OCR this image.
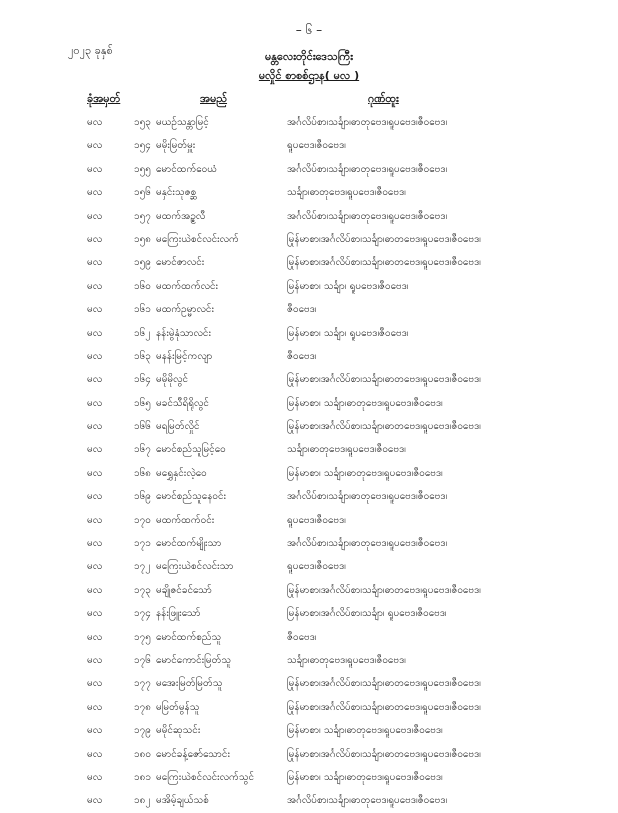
– ၆ –
၂၀၂၃ ခုနှစ်	မန္တလေးတိုင်းဒေသကြီး
မလှိုင် စာစစ်ဌာန( မလ )
ခုံအမှတ်	အမည်	ဂုဏ်ထူး
မလ	၁၅၃ မယဉ်သန္တာမြင့်	အင်္ဂလိပ်စာ၊သင်္ချာ၊ဓာတုဗေဒ၊ရူပဗေဒ၊ဇီဝဗေဒ၊
မလ	၁၅၄ မမိုးမြတ်မှူး	ရူပဗေဒ၊ဇီဝဗေဒ၊
မလ	၁၅၅ မောင်ထက်ဝေယံ	အင်္ဂလိပ်စာ၊သင်္ချာ၊ဓာတုဗေဒ၊ရူပဗေဒ၊ဇီဝဗေဒ၊
မလ	၁၅၆ မနှင်းသုဇစ္ဆ	သင်္ချာ၊ဓာတုဗေဒ၊ရူပဗေဒ၊ဇီဝဗေဒ၊
မလ	၁၅၇ မထက်အဥ္စလီ	အင်္ဂလိပ်စာ၊သင်္ချာ၊ဓာတုဗေဒ၊ရူပဗေဒ၊ဇီဝဗေဒ၊
မလ	၁၅၈ မကြေးယဲစင်လင်းလက်	မြန်မာစာ၊အင်္ဂလိပ်စာ၊သင်္ချာ၊ဓာတုဗေဒ၊ရူပဗေဒ၊ဇီဝဗေဒ၊
မလ	၁၅၉ မောင်ဇာလင်း	မြန်မာစာ၊အင်္ဂလိပ်စာ၊သင်္ချာ၊ဓာတုဗေဒ၊ရူပဗေဒ၊ဇီဝဗေဒ၊
မလ	၁၆၀ မထက်ထက်လင်း	မြန်မာစာ၊ သင်္ချာ၊ ရူပဗေဒ၊ဇီဝဗေဒ၊
မလ	၁၆၁ မထက်ဥမ္မာလင်း	ဇီဝဗေဒ၊
မလ	၁၆၂ နန်းမွဲနုံသာလင်း	မြန်မာစာ၊ သင်္ချာ၊ ရူပဗေဒ၊ဇီဝဗေဒ၊
မလ	၁၆၃ မနန်းမြင့်ကလျာ	ဇီဝဗေဒ၊
မလ	၁၆၄ မမိုမိုလွင်	မြန်မာစာ၊အင်္ဂလိပ်စာ၊သင်္ချာ၊ဓာတုဗေဒ၊ရူပဗေဒ၊ဇီဝဗေဒ၊
မလ	၁၆၅ မခင်သီရိရိုလွင်	မြန်မာစာ၊ သင်္ချာ၊ဓာတုဗေဒ၊ရူပဗေဒ၊ဇီဝဗေဒ၊
မလ	၁၆၆ မရမြတ်လှိုင်	မြန်မာစာ၊အင်္ဂလိပ်စာ၊သင်္ချာ၊ဓာတုဗေဒ၊ရူပဗေဒ၊ဇီဝဗေဒ၊
မလ	၁၆၇ မောင်စည်သူမြင့်ဝေ	သင်္ချာ၊ဓာတုဗေဒ၊ရူပဗေဒ၊ဇီဝဗေဒ၊
မလ	၁၆၈ မရွှေနှင်းလဲ့ဝေ	မြန်မာစာ၊ သင်္ချာ၊ဓာတုဗေဒ၊ရူပဗေဒ၊ဇီဝဗေဒ၊
မလ	၁၆၉ မောင်စည်သူနေဝင်း	အင်္ဂလိပ်စာ၊သင်္ချာ၊ဓာတုဗေဒ၊ရူပဗေဒ၊ဇီဝဗေဒ၊
မလ	၁၇၀ မထက်ထက်ဝင်း	ရူပဗေဒ၊ဇီဝဗေဒ၊
မလ	၁၇၁ မောင်ထက်မျိုးသာ	အင်္ဂလိပ်စာ၊သင်္ချာ၊ဓာတုဗေဒ၊ရူပဗေဒ၊ဇီဝဗေဒ၊
မလ	၁၇၂ မကြေးယဲစင်လင်းသာ	ရူပဗေဒ၊ဇီဝဗေဒ၊
မလ	၁၇၃ မချိုဇင်ခင်သော်	မြန်မာစာ၊အင်္ဂလိပ်စာ၊သင်္ချာ၊ဓာတုဗေဒ၊ရူပဗေဒ၊ဇီဝဗေဒ၊
မလ	၁၇၄ နန်းဖြူးသော်	မြန်မာစာ၊အင်္ဂလိပ်စာ၊သင်္ချာ၊ ရူပဗေဒ၊ဇီဝဗေဒ၊
မလ	၁၇၅ မောင်ထက်စည်သူ	ဇီဝဗေဒ၊
မလ	၁၇၆ မောင်ကောင်းမြတ်သူ	သင်္ချာ၊ဓာတုဗေဒ၊ရူပဗေဒ၊ဇီဝဗေဒ၊
မလ	၁၇၇ မအေးမြတ်မြတ်သူ	မြန်မာစာ၊အင်္ဂလိပ်စာ၊သင်္ချာ၊ဓာတုဗေဒ၊ရူပဗေဒ၊ဇီဝဗေဒ၊
မလ	၁၇၈ မမြတ်မွန်သူ	မြန်မာစာ၊အင်္ဂလိပ်စာ၊သင်္ချာ၊ဓာတုဗေဒ၊ရူပဗေဒ၊ဇီဝဗေဒ၊
မလ	၁၇၉ မမိုင်ဆုသင်း	မြန်မာစာ၊ သင်္ချာ၊ဓာတုဗေဒ၊ရူပဗေဒ၊ဇီဝဗေဒ၊
မလ	၁၈၀ မောင်ခန့်ဇော်သောင်း	မြန်မာစာ၊အင်္ဂလိပ်စာ၊သင်္ချာ၊ဓာတုဗေဒ၊ရူပဗေဒ၊ဇီဝဗေဒ၊
မလ	၁၈၁ မကြေးယဲစင်လင်းလက်သွင်	မြန်မာစာ၊ သင်္ချာ၊ဓာတုဗေဒ၊ရူပဗေဒ၊ဇီဝဗေဒ၊
မလ	၁၈၂ မအိမ့်ချယ်သစ်	အင်္ဂလိပ်စာ၊သင်္ချာ၊ဓာတုဗေဒ၊ရူပဗေဒ၊ဇီဝဗေဒ၊
